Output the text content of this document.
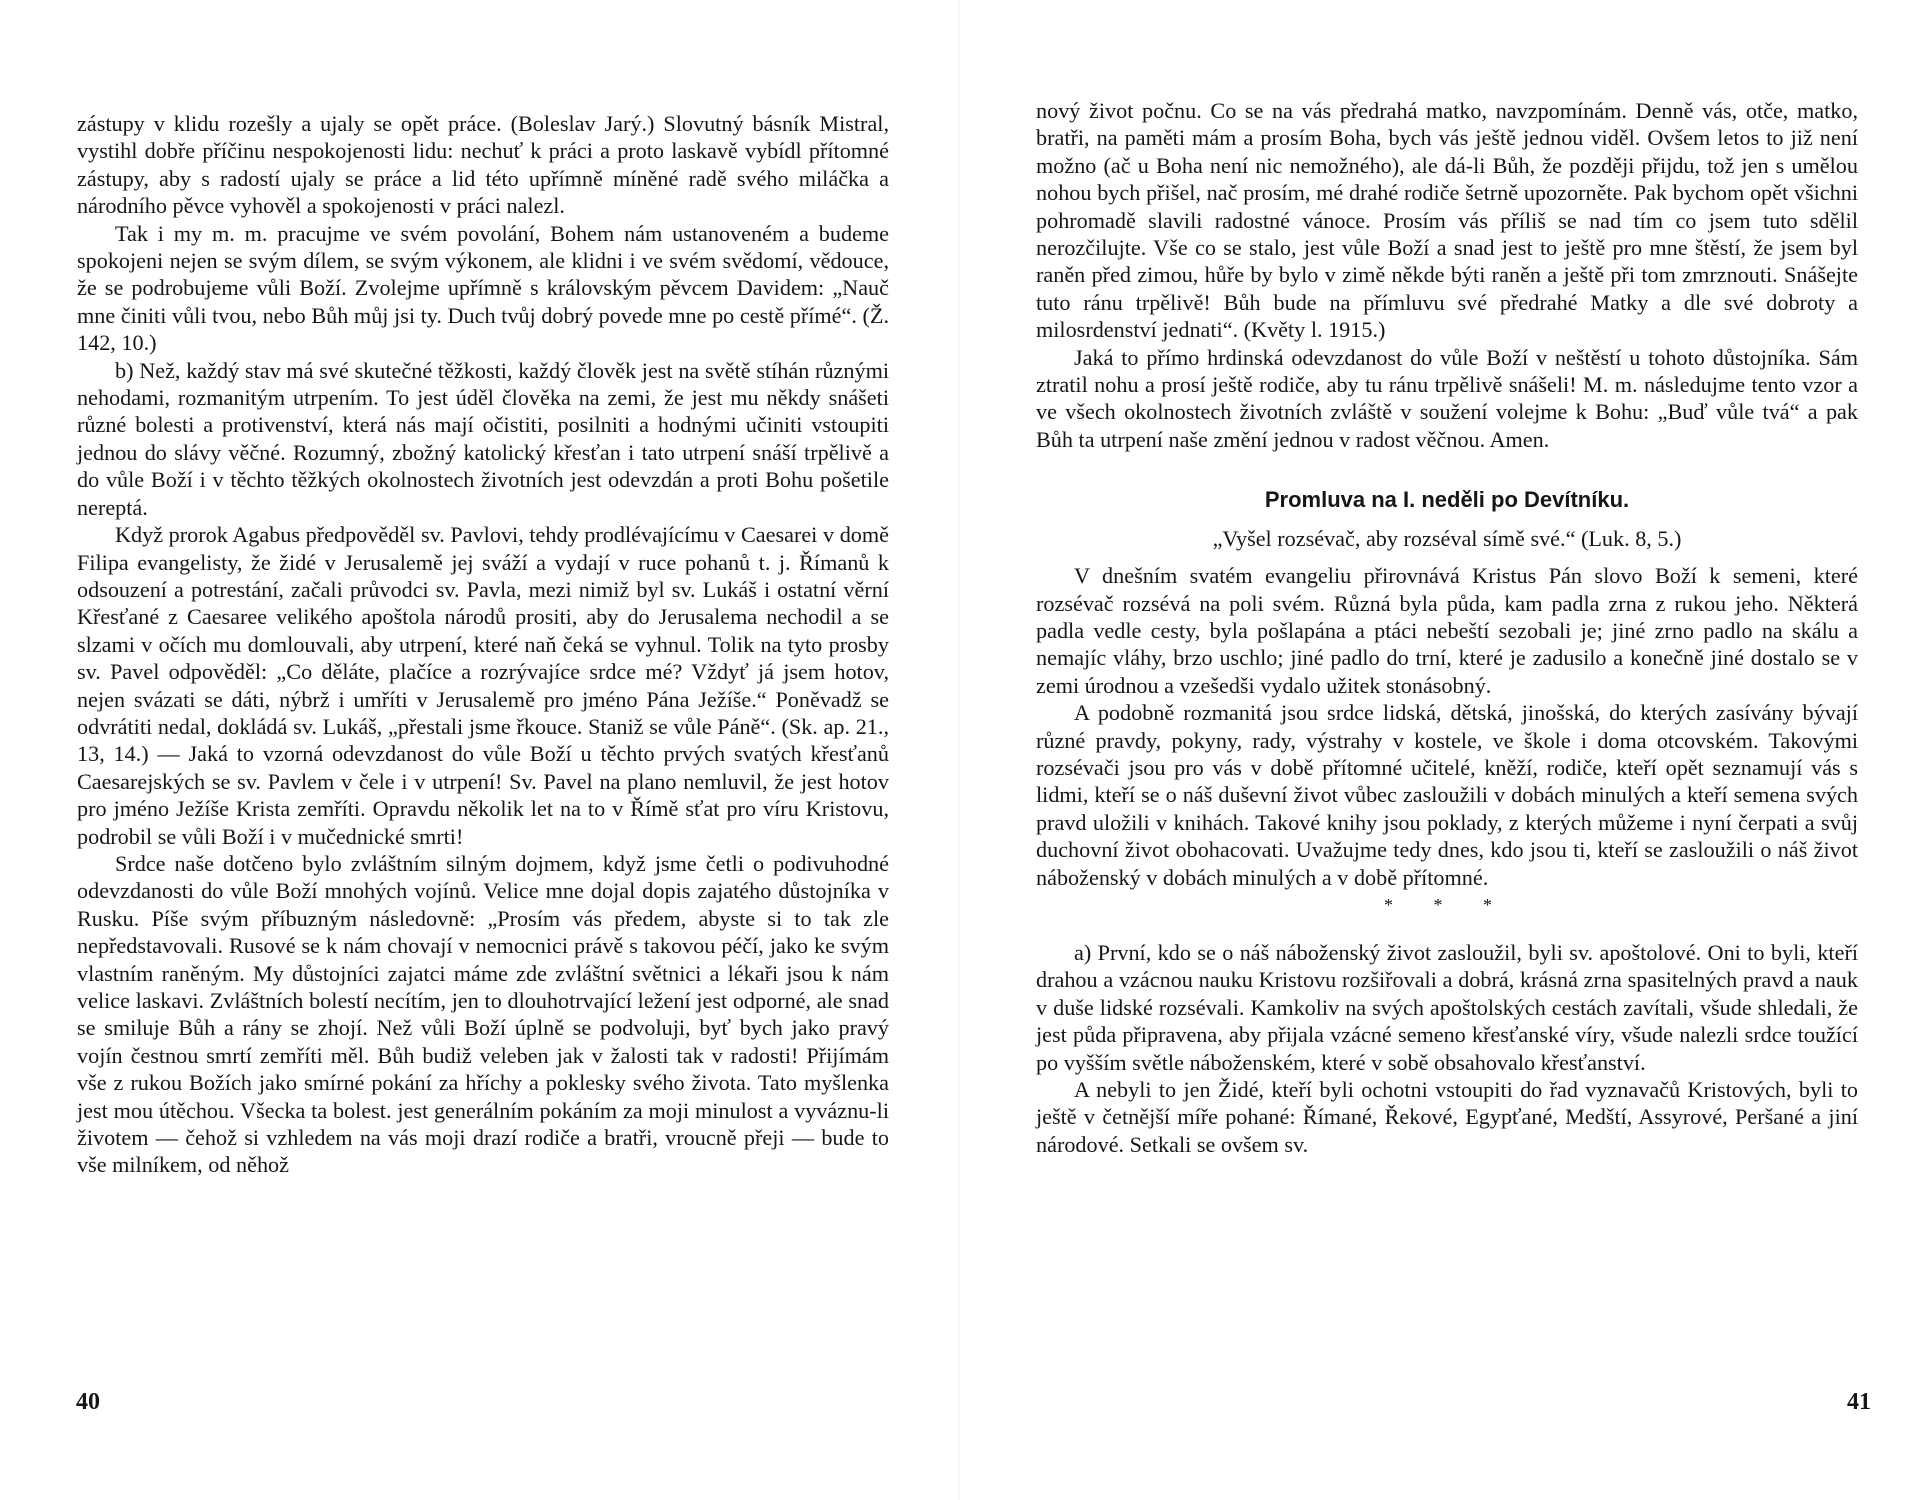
zástupy v klidu rozešly a ujaly se opět práce. (Boleslav Jarý.) Slovutný básník Mistral, vystihl dobře příčinu nespokojenosti lidu: nechuť k práci a proto laskavě vybídl přítomné zástupy, aby s radostí ujaly se práce a lid této upřímně míněné radě svého miláčka a národního pěvce vyhověl a spokojenosti v práci nalezl.

Tak i my m. m. pracujme ve svém povolání, Bohem nám ustanoveném a budeme spokojeni nejen se svým dílem, se svým výkonem, ale klidni i ve svém svědomí, vědouce, že se podrobujeme vůli Boží. Zvolejme upřímně s královským pěvcem Davidem: „Nauč mne činiti vůli tvou, nebo Bůh můj jsi ty. Duch tvůj dobrý povede mne po cestě přímé“. (Ž. 142, 10.)

b) Než, každý stav má své skutečné těžkosti, každý člověk jest na světě stíhán různými nehodami, rozmanitým utrpením. To jest úděl člověka na zemi, že jest mu někdy snášeti různé bolesti a protivenství, která nás mají očistiti, posilniti a hodnými učiniti vstoupiti jednou do slávy věčné. Rozumný, zbožný katolický křesťan i tato utrpení snáší trpělivě a do vůle Boží i v těchto těžkých okolnostech životních jest odevzdán a proti Bohu pošetile nereptá.

Když prorok Agabus předpověděl sv. Pavlovi, tehdy prodlévajícímu v Caesarei v domě Filipa evangelisty, že židé v Jerusalemě jej sváží a vydají v ruce pohanů t. j. Římanů k odsouzení a potrestání, začali průvodci sv. Pavla, mezi nimiž byl sv. Lukáš i ostatní věrní Křesťané z Caesaree velikého apoštola národů prositi, aby do Jerusalema nechodil a se slzami v očích mu domlouvali, aby utrpení, které naň čeká se vyhnul. Tolik na tyto prosby sv. Pavel odpověděl: „Co děláte, plačíce a rozrývajíce srdce mé? Vždyť já jsem hotov, nejen svázati se dáti, nýbrž i umříti v Jerusalemě pro jméno Pána Ježíše.“ Poněvadž se odvrátiti nedal, dokládá sv. Lukáš, „přestali jsme řkouce. Staniž se vůle Páně“. (Sk. ap. 21., 13, 14.) — Jaká to vzorná odevzdanost do vůle Boží u těchto prvých svatých křesťanů Caesarejských se sv. Pavlem v čele i v utrpení! Sv. Pavel na plano nemluvil, že jest hotov pro jméno Ježíše Krista zemříti. Opravdu několik let na to v Římě sťat pro víru Kristovu, podrobil se vůli Boží i v mučednické smrti!

Srdce naše dotčeno bylo zvláštním silným dojmem, když jsme četli o podivuhodné odevzdanosti do vůle Boží mnohých vojínů. Velice mne dojal dopis zajatého důstojníka v Rusku. Píše svým příbuzným následovně: „Prosím vás předem, abyste si to tak zle nepředstavovali. Rusové se k nám chovají v nemocnici právě s takovou péčí, jako ke svým vlastním raněným. My důstojníci zajatci máme zde zvláštní světnici a lékaři jsou k nám velice laskavi. Zvláštních bolestí necítím, jen to dlouhotrvající ležení jest odporné, ale snad se smiluje Bůh a rány se zhojí. Než vůli Boží úplně se podvoluji, byť bych jako pravý vojín čestnou smrtí zemříti měl. Bůh budiž veleben jak v žalosti tak v radosti! Přijímám vše z rukou Božích jako smírné pokání za hříchy a poklesky svého života. Tato myšlenka jest mou útěchou. Všecka ta bolest. jest generálním pokáním za moji minulost a vyváznu-li životem — čehož si vzhledem na vás moji drazí rodiče a bratři, vroucně přeji — bude to vše milníkem, od něhož

40

nový život počnu. Co se na vás předrahá matko, navzpomínám. Denně vás, otče, matko, bratři, na paměti mám a prosím Boha, bych vás ještě jednou viděl. Ovšem letos to již není možno (ač u Boha není nic nemožného), ale dá-li Bůh, že později přijdu, tož jen s umělou nohou bych přišel, nač prosím, mé drahé rodiče šetrně upozorněte. Pak bychom opět všichni pohromadě slavili radostné vánoce. Prosím vás příliš se nad tím co jsem tuto sdělil nerozčilujte. Vše co se stalo, jest vůle Boží a snad jest to ještě pro mne štěstí, že jsem byl raněn před zimou, hůře by bylo v zimě někde býti raněn a ještě při tom zmrznouti. Snášejte tuto ránu trpělivě! Bůh bude na přímluvu své předrahé Matky a dle své dobroty a milosrdenství jednati“. (Květy l. 1915.)

Jaká to přímo hrdinská odevzdanost do vůle Boží v neštěstí u tohoto důstojníka. Sám ztratil nohu a prosí ještě rodiče, aby tu ránu trpělivě snášeli! M. m. následujme tento vzor a ve všech okolnostech životních zvláště v soužení volejme k Bohu: „Buď vůle tvá“ a pak Bůh ta utrpení naše změní jednou v radost věčnou. Amen.

Promluva na I. neděli po Devítníku.

„Vyšel rozsévač, aby rozséval símě své.“ (Luk. 8, 5.)

V dnešním svatém evangeliu přirovnává Kristus Pán slovo Boží k semeni, které rozsévač rozsévá na poli svém. Různá byla půda, kam padla zrna z rukou jeho. Některá padla vedle cesty, byla pošlapána a ptáci nebeští sezobali je; jiné zrno padlo na skálu a nemajíc vláhy, brzo uschlo; jiné padlo do trní, které je zadusilo a konečně jiné dostalo se v zemi úrodnou a vzešedši vydalo užitek stonásobný.

A podobně rozmanitá jsou srdce lidská, dětská, jinošská, do kterých zasívány bývají různé pravdy, pokyny, rady, výstrahy v kostele, ve škole i doma otcovském. Takovými rozsévači jsou pro vás v době přítomné učitelé, kněží, rodiče, kteří opět seznamují vás s lidmi, kteří se o náš duševní život vůbec zasloužili v dobách minulých a kteří semena svých pravd uložili v knihách. Takové knihy jsou poklady, z kterých můžeme i nyní čerpati a svůj duchovní život obohacovati. Uvažujme tedy dnes, kdo jsou ti, kteří se zasloužili o náš život náboženský v dobách minulých a v době přítomné.

* * *

a) První, kdo se o náš náboženský život zasloužil, byli sv. apoštolové. Oni to byli, kteří drahou a vzácnou nauku Kristovu rozšiřovali a dobrá, krásná zrna spasitelných pravd a nauk v duše lidské rozsévali. Kamkoliv na svých apoštolských cestách zavítali, všude shledali, že jest půda připravena, aby přijala vzácné semeno křesťanské víry, všude nalezli srdce toužící po vyšším světle náboženském, které v sobě obsahovalo křesťanství.

A nebyli to jen Židé, kteří byli ochotni vstoupiti do řad vyznavačů Kristových, byli to ještě v četnější míře pohané: Římané, Řekové, Egypťané, Medští, Assyrové, Peršané a jiní národové. Setkali se ovšem sv.

41
